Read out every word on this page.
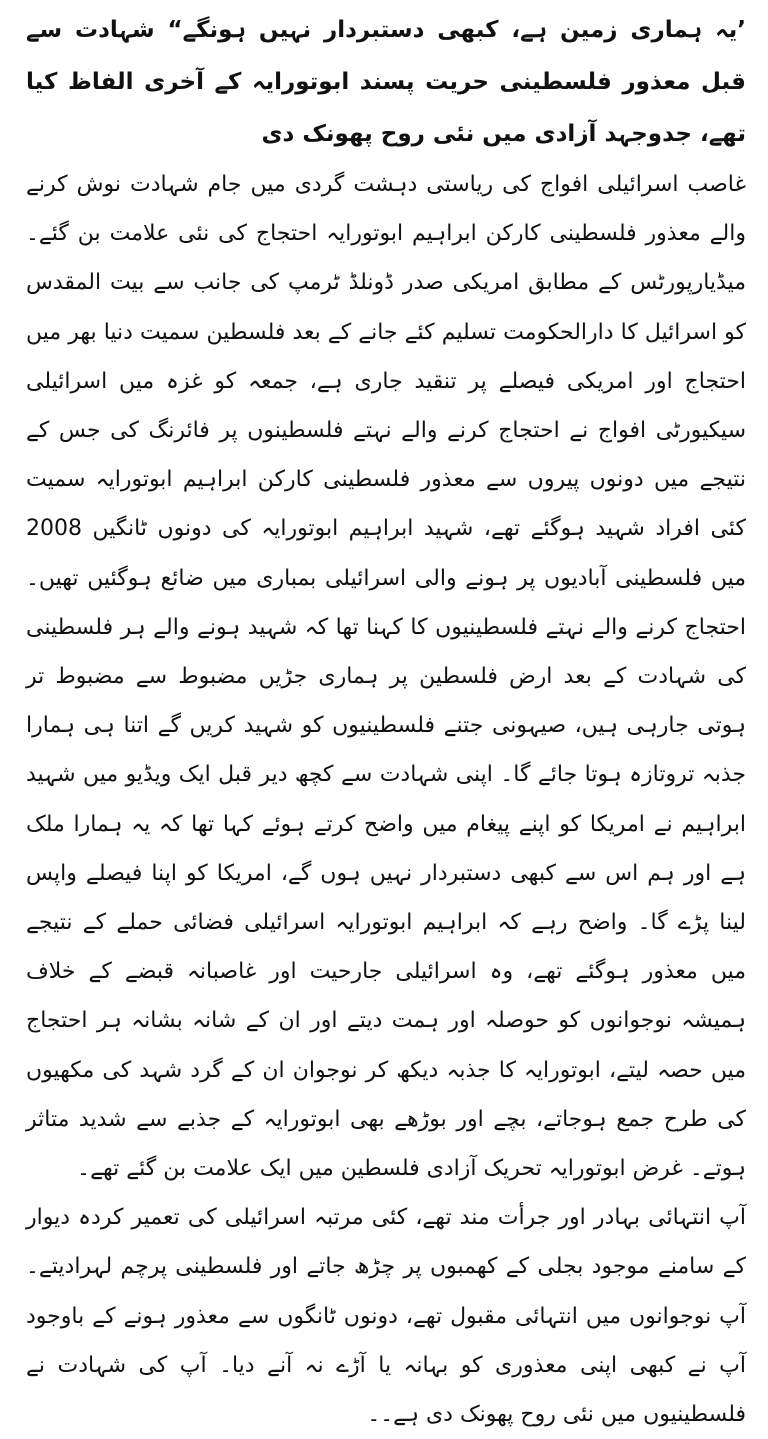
’یہ ہماری زمین ہے، کبھی دستبردار نہیں ہونگے“ شہادت سے قبل معذور فلسطینی حریت پسند ابوتورایہ کے آخری الفاظ کیا تھے، جدوجہد آزادی میں نئی روح پھونک دی

غاصب اسرائیلی افواج کی ریاستی دہشت گردی میں جام شہادت نوش کرنے والے معذور فلسطینی کارکن ابراہیم ابوتورایہ احتجاج کی نئی علامت بن گئے۔میڈیارپورٹس کے مطابق امریکی صدر ڈونلڈ ٹرمپ کی جانب سے بیت المقدس کو اسرائیل کا دارالحکومت تسلیم کئے جانے کے بعد فلسطین سمیت دنیا بھر میں احتجاج اور امریکی فیصلے پر تنقید جاری ہے، جمعہ کو غزہ میں اسرائیلی سیکیورٹی افواج نے احتجاج کرنے والے نہتے فلسطینوں پر فائرنگ کی جس کے نتیجے میں دونوں پیروں سے معذور فلسطینی کارکن ابراہیم ابوتورایہ سمیت کئی افراد شہید ہوگئے تھے، شہید ابراہیم ابوتورایہ کی دونوں ٹانگیں 2008 میں فلسطینی آبادیوں پر ہونے والی اسرائیلی بمباری میں ضائع ہوگئیں تھیں۔ احتجاج کرنے والے نہتے فلسطینیوں کا کہنا تھا کہ شہید ہونے والے ہر فلسطینی کی شہادت کے بعد ارض فلسطین پر ہماری جڑیں مضبوط سے مضبوط تر ہوتی جارہی ہیں، صیہونی جتنے فلسطینیوں کو شہید کریں گے اتنا ہی ہمارا جذبہ تروتازہ ہوتا جائے گا۔ اپنی شہادت سے کچھ دیر قبل ایک ویڈیو میں شہید ابراہیم نے امریکا کو اپنے پیغام میں واضح کرتے ہوئے کہا تھا کہ یہ ہمارا ملک ہے اور ہم اس سے کبھی دستبردار نہیں ہوں گے، امریکا کو اپنا فیصلے واپس لینا پڑے گا۔ واضح رہے کہ ابراہیم ابوتورایہ اسرائیلی فضائی حملے کے نتیجے میں معذور ہوگئے تھے، وہ اسرائیلی جارحیت اور غاصبانہ قبضے کے خلاف ہمیشہ نوجوانوں کو حوصلہ اور ہمت دیتے اور ان کے شانہ بشانہ ہر احتجاج میں حصہ لیتے، ابوتورایہ کا جذبہ دیکھ کر نوجوان ان کے گرد شہد کی مکھیوں کی طرح جمع ہوجاتے، بچے اور بوڑھے بھی ابوتورایہ کے جذبے سے شدید متاثر ہوتے۔ غرض ابوتورایہ تحریک آزادی فلسطین میں ایک علامت بن گئے تھے۔

آپ انتہائی بہادر اور جرأت مند تھے، کئی مرتبہ اسرائیلی کی تعمیر کردہ دیوار کے سامنے موجود بجلی کے کھمبوں پر چڑھ جاتے اور فلسطینی پرچم لہرادیتے۔ آپ نوجوانوں میں انتہائی مقبول تھے، دونوں ٹانگوں سے معذور ہونے کے باوجود آپ نے کبھی اپنی معذوری کو بہانہ یا آڑے نہ آنے دیا۔ آپ کی شہادت نے فلسطینیوں میں نئی روح پھونک دی ہے۔۔
